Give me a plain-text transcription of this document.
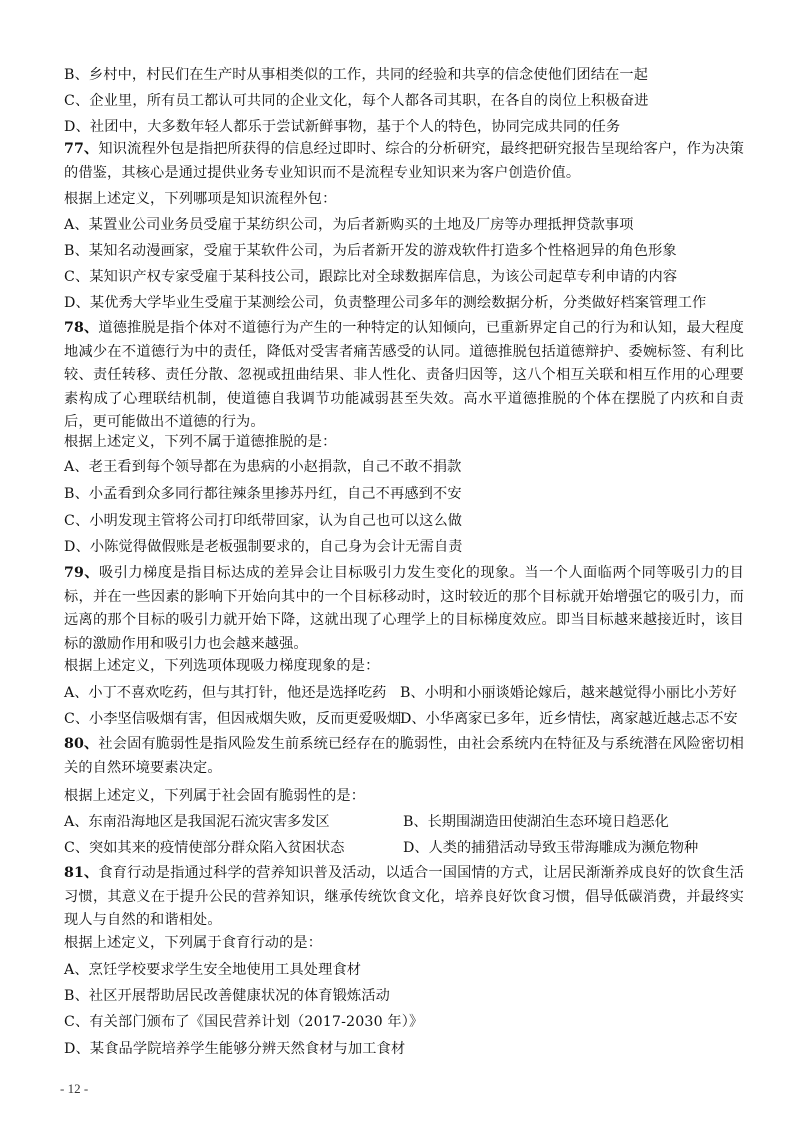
B、乡村中，村民们在生产时从事相类似的工作，共同的经验和共享的信念使他们团结在一起
C、企业里，所有员工都认可共同的企业文化，每个人都各司其职，在各自的岗位上积极奋进
D、社团中，大多数年轻人都乐于尝试新鲜事物，基于个人的特色，协同完成共同的任务
77、知识流程外包是指把所获得的信息经过即时、综合的分析研究，最终把研究报告呈现给客户，作为决策的借鉴，其核心是通过提供业务专业知识而不是流程专业知识来为客户创造价值。
根据上述定义，下列哪项是知识流程外包：
A、某置业公司业务员受雇于某纺织公司，为后者新购买的土地及厂房等办理抵押贷款事项
B、某知名动漫画家，受雇于某软件公司，为后者新开发的游戏软件打造多个性格迥异的角色形象
C、某知识产权专家受雇于某科技公司，跟踪比对全球数据库信息，为该公司起草专利申请的内容
D、某优秀大学毕业生受雇于某测绘公司，负责整理公司多年的测绘数据分析，分类做好档案管理工作
78、道德推脱是指个体对不道德行为产生的一种特定的认知倾向，已重新界定自己的行为和认知，最大程度地减少在不道德行为中的责任，降低对受害者痛苦感受的认同。道德推脱包括道德辩护、委婉标签、有利比较、责任转移、责任分散、忽视或扭曲结果、非人性化、责备归因等，这八个相互关联和相互作用的心理要素构成了心理联结机制，使道德自我调节功能减弱甚至失效。高水平道德推脱的个体在摆脱了内疚和自责后，更可能做出不道德的行为。
根据上述定义，下列不属于道德推脱的是：
A、老王看到每个领导都在为患病的小赵捐款，自己不敢不捐款
B、小孟看到众多同行都往辣条里掺苏丹红，自己不再感到不安
C、小明发现主管将公司打印纸带回家，认为自己也可以这么做
D、小陈觉得做假账是老板强制要求的，自己身为会计无需自责
79、吸引力梯度是指目标达成的差异会让目标吸引力发生变化的现象。当一个人面临两个同等吸引力的目标，并在一些因素的影响下开始向其中的一个目标移动时，这时较近的那个目标就开始增强它的吸引力，而远离的那个目标的吸引力就开始下降，这就出现了心理学上的目标梯度效应。即当目标越来越接近时，该目标的激励作用和吸引力也会越来越强。
根据上述定义，下列选项体现吸力梯度现象的是：
A、小丁不喜欢吃药，但与其打针，他还是选择吃药 B、小明和小丽谈婚论嫁后，越来越觉得小丽比小芳好
C、小李坚信吸烟有害，但因戒烟失败，反而更爱吸烟
D、小华离家已多年，近乡情怯，离家越近越忐忑不安
80、社会固有脆弱性是指风险发生前系统已经存在的脆弱性，由社会系统内在特征及与系统潜在风险密切相关的自然环境要素决定。
根据上述定义，下列属于社会固有脆弱性的是：
A、东南沿海地区是我国泥石流灾害多发区	B、长期围湖造田使湖泊生态环境日趋恶化
C、突如其来的疫情使部分群众陷入贫困状态	D、人类的捕猎活动导致玉带海雕成为濒危物种
81、食育行动是指通过科学的营养知识普及活动，以适合一国国情的方式，让居民渐渐养成良好的饮食生活习惯，其意义在于提升公民的营养知识，继承传统饮食文化，培养良好饮食习惯，倡导低碳消费，并最终实现人与自然的和谐相处。
根据上述定义，下列属于食育行动的是：
A、烹饪学校要求学生安全地使用工具处理食材
B、社区开展帮助居民改善健康状况的体育锻炼活动
C、有关部门颁布了《国民营养计划（2017-2030 年）》
D、某食品学院培养学生能够分辨天然食材与加工食材
- 12 -
